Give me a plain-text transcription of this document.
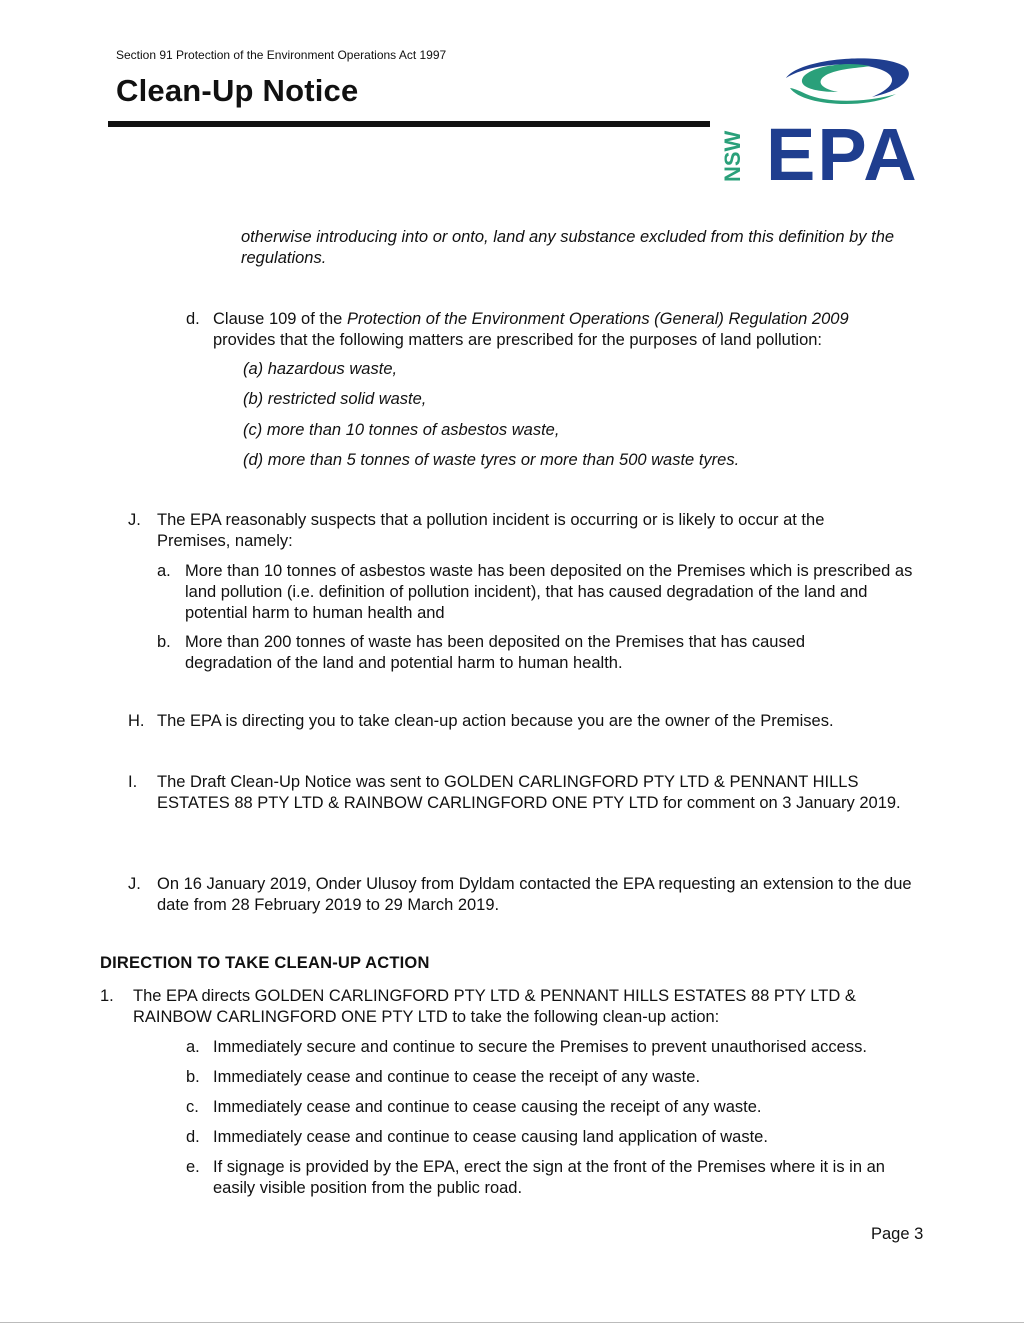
Section 91 Protection of the Environment Operations Act 1997
Clean-Up Notice
NSW EPA
otherwise introducing into or onto, land any substance excluded from this definition by the regulations.
d. Clause 109 of the Protection of the Environment Operations (General) Regulation 2009
provides that the following matters are prescribed for the purposes of land pollution:
(a) hazardous waste,
(b) restricted solid waste,
(c) more than 10 tonnes of asbestos waste,
(d) more than 5 tonnes of waste tyres or more than 500 waste tyres.
J. The EPA reasonably suspects that a pollution incident is occurring or is likely to occur at the Premises, namely:
a. More than 10 tonnes of asbestos waste has been deposited on the Premises which is prescribed as land pollution (i.e. definition of pollution incident), that has caused degradation of the land and potential harm to human health and
b. More than 200 tonnes of waste has been deposited on the Premises that has caused degradation of the land and potential harm to human health.
H. The EPA is directing you to take clean-up action because you are the owner of the Premises.
I. The Draft Clean-Up Notice was sent to GOLDEN CARLINGFORD PTY LTD & PENNANT HILLS ESTATES 88 PTY LTD & RAINBOW CARLINGFORD ONE PTY LTD for comment on 3 January 2019.
J. On 16 January 2019, Onder Ulusoy from Dyldam contacted the EPA requesting an extension to the due date from 28 February 2019 to 29 March 2019.
DIRECTION TO TAKE CLEAN-UP ACTION
1. The EPA directs GOLDEN CARLINGFORD PTY LTD & PENNANT HILLS ESTATES 88 PTY LTD & RAINBOW CARLINGFORD ONE PTY LTD to take the following clean-up action:
a. Immediately secure and continue to secure the Premises to prevent unauthorised access.
b. Immediately cease and continue to cease the receipt of any waste.
c. Immediately cease and continue to cease causing the receipt of any waste.
d. Immediately cease and continue to cease causing land application of waste.
e. If signage is provided by the EPA, erect the sign at the front of the Premises where it is in an easily visible position from the public road.
Page 3
